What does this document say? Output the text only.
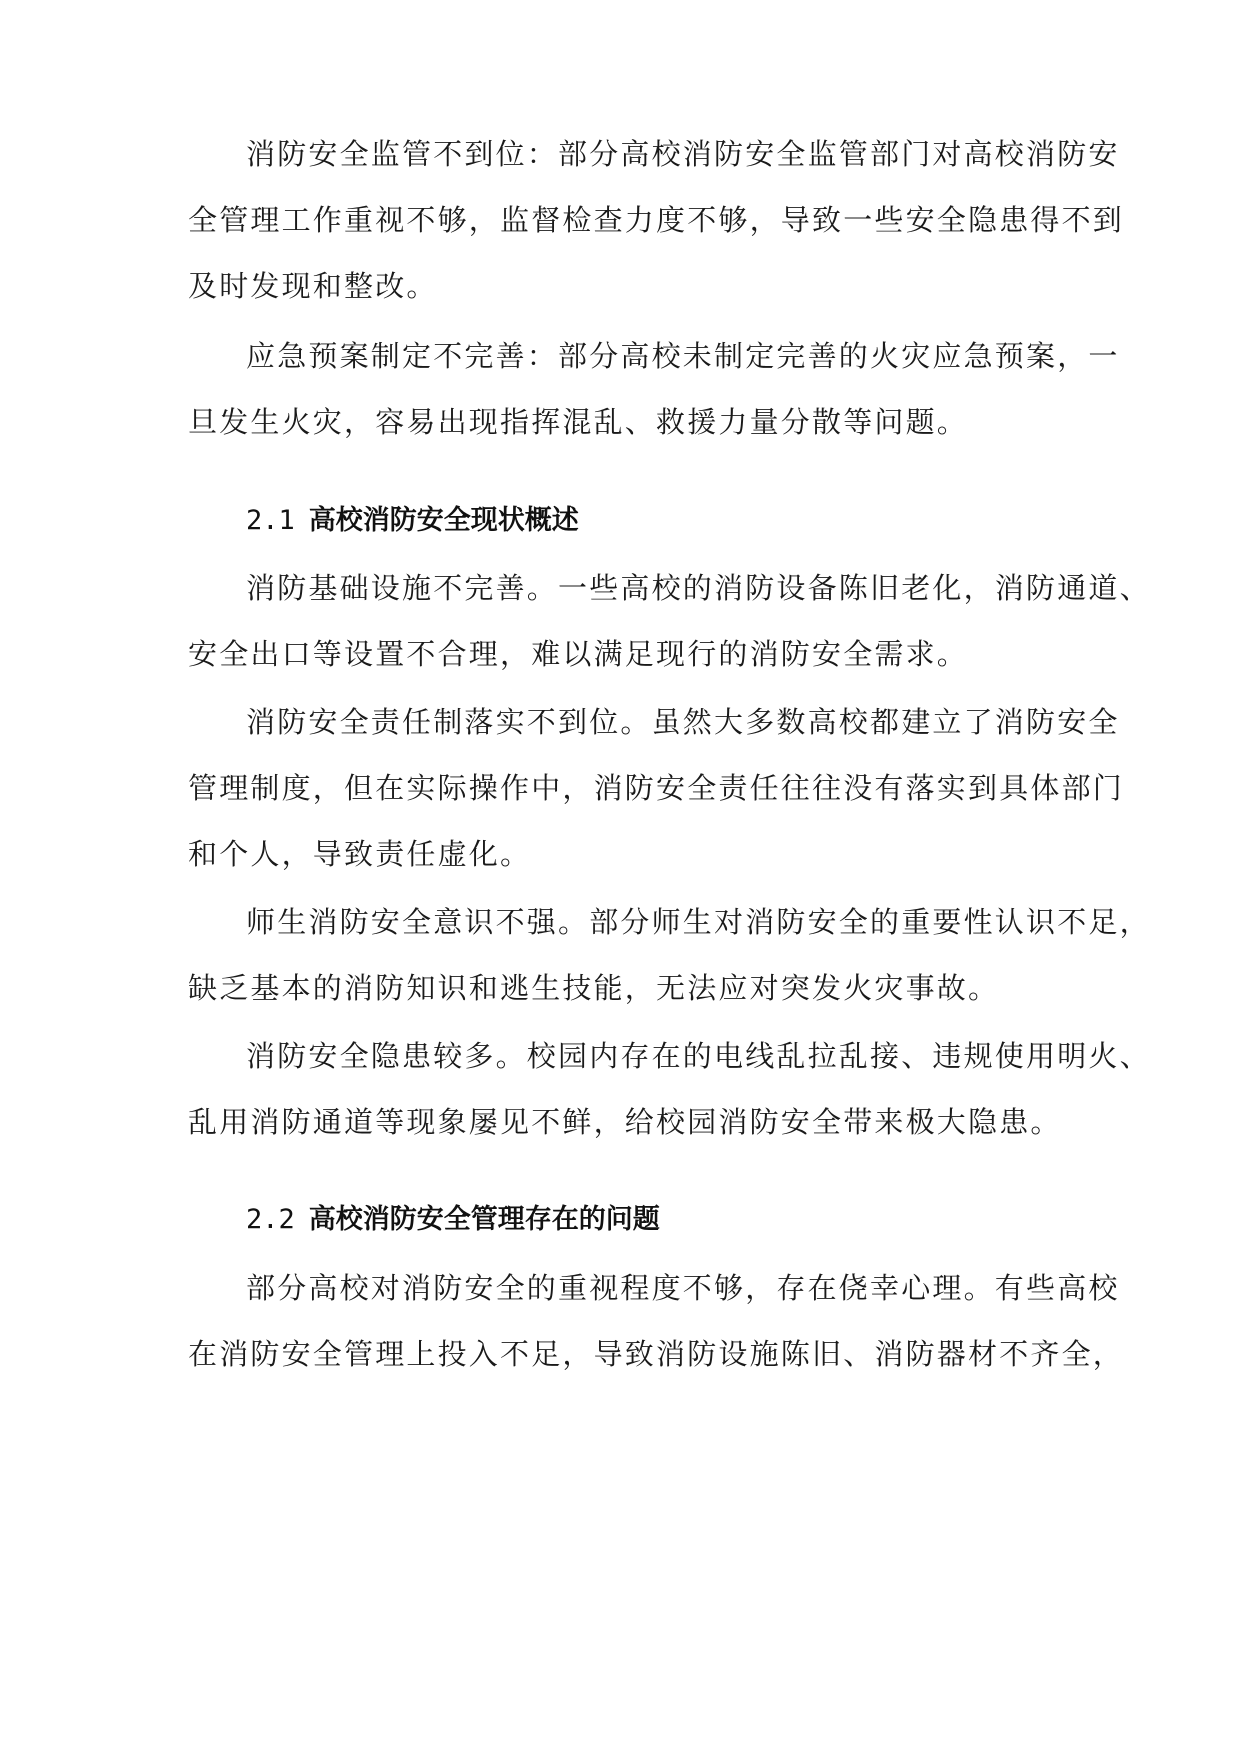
消防安全监管不到位：部分高校消防安全监管部门对高校消防安
全管理工作重视不够，监督检查力度不够，导致一些安全隐患得不到
及时发现和整改。
应急预案制定不完善：部分高校未制定完善的火灾应急预案，一
旦发生火灾，容易出现指挥混乱、救援力量分散等问题。
2.1 高校消防安全现状概述
消防基础设施不完善。一些高校的消防设备陈旧老化，消防通道、
安全出口等设置不合理，难以满足现行的消防安全需求。
消防安全责任制落实不到位。虽然大多数高校都建立了消防安全
管理制度，但在实际操作中，消防安全责任往往没有落实到具体部门
和个人，导致责任虚化。
师生消防安全意识不强。部分师生对消防安全的重要性认识不足，
缺乏基本的消防知识和逃生技能，无法应对突发火灾事故。
消防安全隐患较多。校园内存在的电线乱拉乱接、违规使用明火、
乱用消防通道等现象屡见不鲜，给校园消防安全带来极大隐患。
2.2 高校消防安全管理存在的问题
部分高校对消防安全的重视程度不够，存在侥幸心理。有些高校
在消防安全管理上投入不足，导致消防设施陈旧、消防器材不齐全，
